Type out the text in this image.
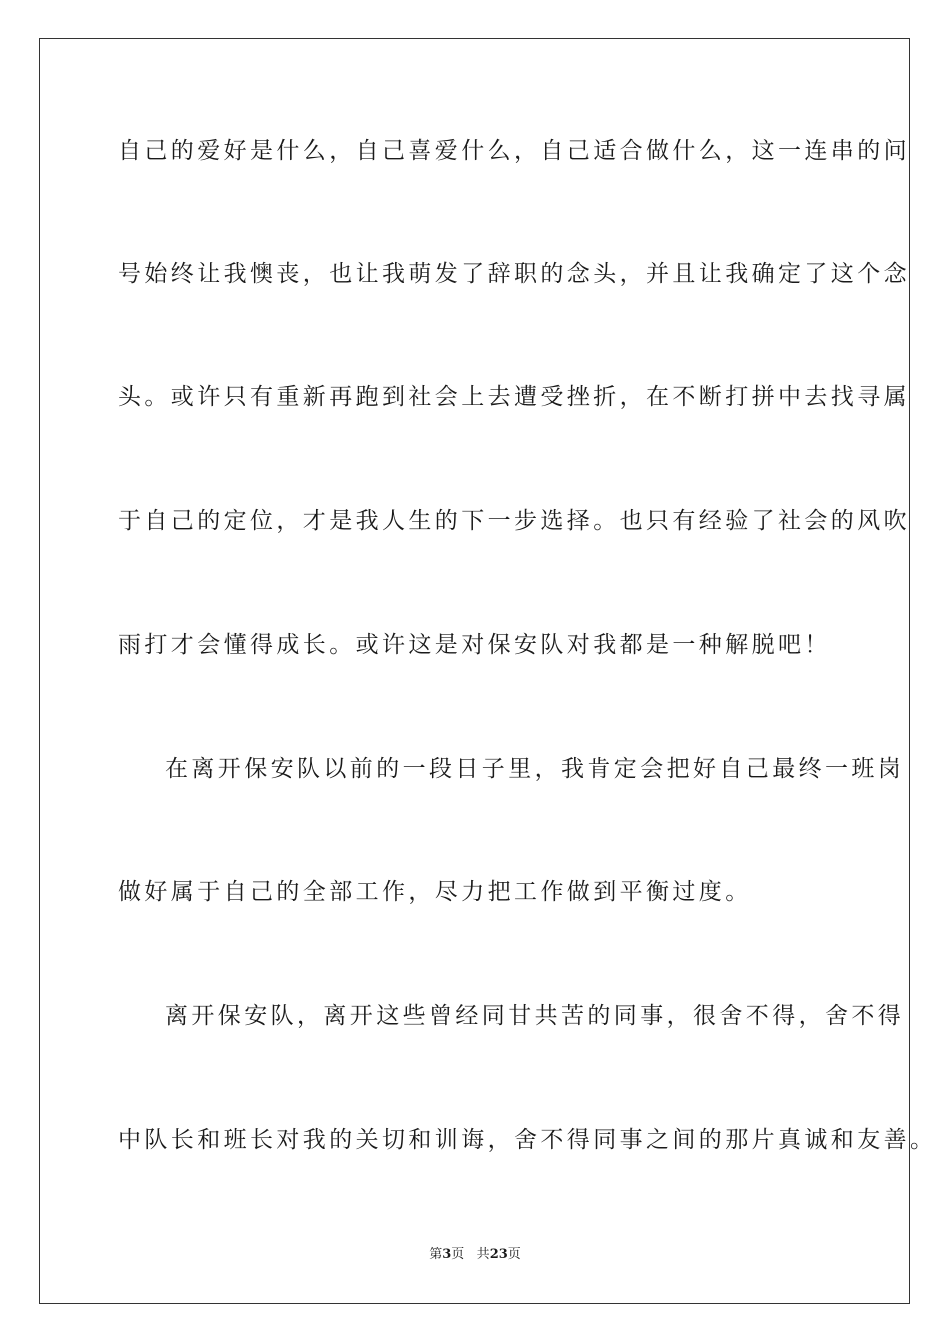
自己的爱好是什么，自己喜爱什么，自己适合做什么，这一连串的问
号始终让我懊丧，也让我萌发了辞职的念头，并且让我确定了这个念
头。或许只有重新再跑到社会上去遭受挫折，在不断打拼中去找寻属
于自己的定位，才是我人生的下一步选择。也只有经验了社会的风吹
雨打才会懂得成长。或许这是对保安队对我都是一种解脱吧！
在离开保安队以前的一段日子里，我肯定会把好自己最终一班岗
做好属于自己的全部工作，尽力把工作做到平衡过度。
离开保安队，离开这些曾经同甘共苦的同事，很舍不得，舍不得
中队长和班长对我的关切和训诲，舍不得同事之间的那片真诚和友善。
第3页 共23页
